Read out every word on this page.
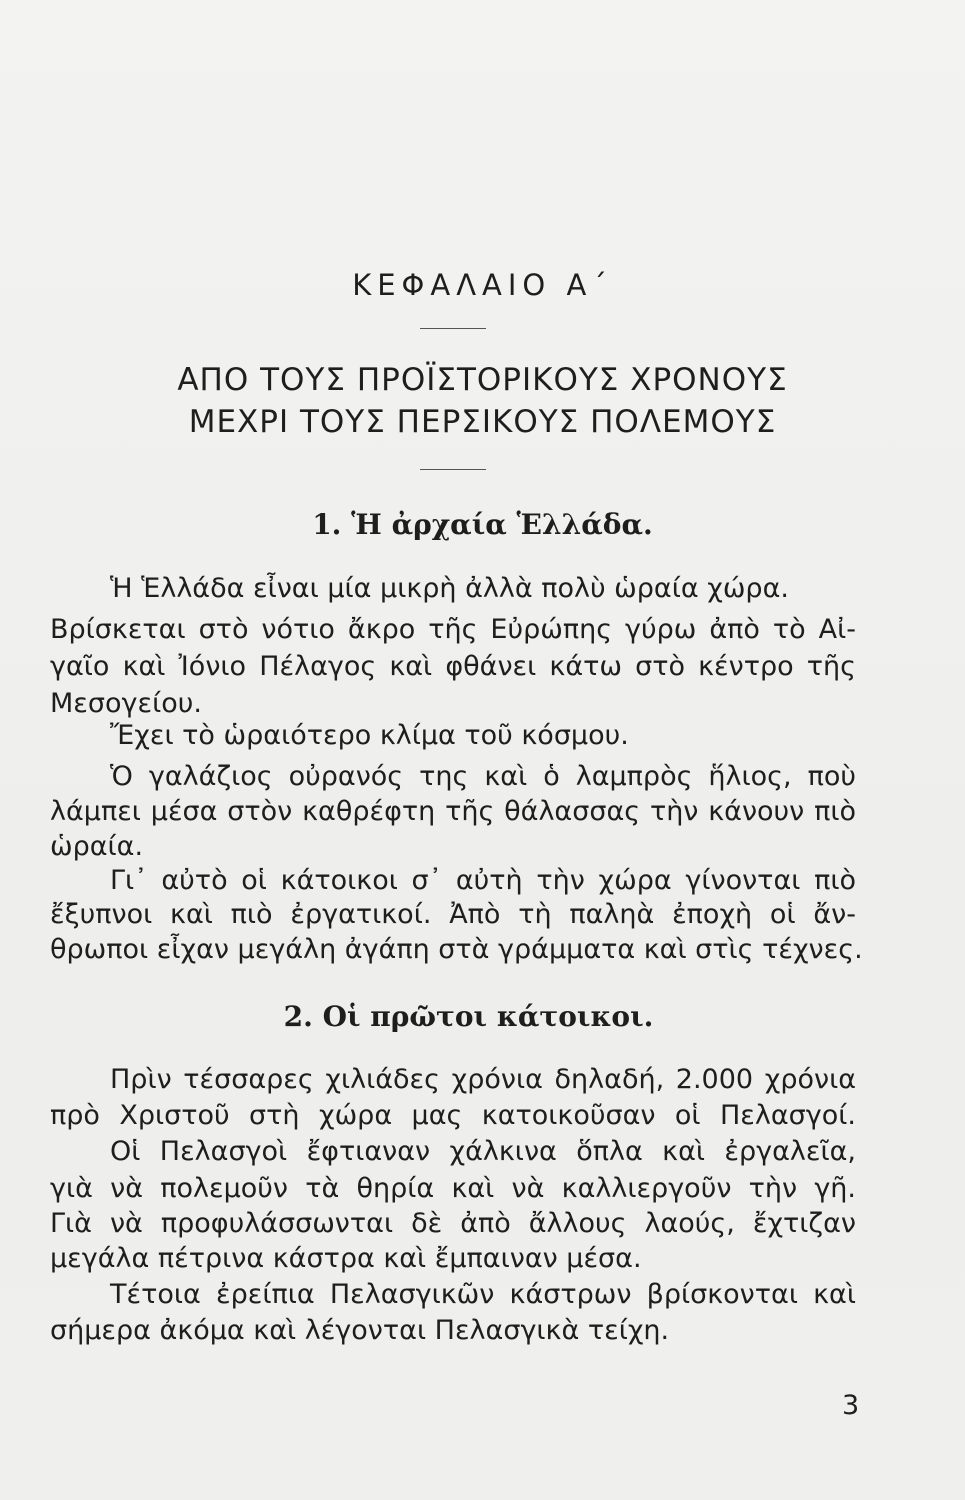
ΚΕΦΑΛΑΙΟ Α΄
ΑΠΟ ΤΟΥΣ ΠΡΟΪΣΤΟΡΙΚΟΥΣ ΧΡΟΝΟΥΣ
ΜΕΧΡΙ ΤΟΥΣ ΠΕΡΣΙΚΟΥΣ ΠΟΛΕΜΟΥΣ
1. Ἡ ἀρχαία Ἑλλάδα.
Ἡ Ἑλλάδα εἶναι μία μικρὴ ἀλλὰ πολὺ ὡραία χώρα.
Βρίσκεται στὸ νότιο ἄκρο τῆς Εὐρώπης γύρω ἀπὸ τὸ Αἰ-
γαῖο καὶ Ἰόνιο Πέλαγος καὶ φθάνει κάτω στὸ κέντρο τῆς
Μεσογείου.
Ἔχει τὸ ὡραιότερο κλίμα τοῦ κόσμου.
Ὁ γαλάζιος οὐρανός της καὶ ὁ λαμπρὸς ἥλιος, ποὺ
λάμπει μέσα στὸν καθρέφτη τῆς θάλασσας τὴν κάνουν πιὸ
ὡραία.
Γι᾽ αὐτὸ οἱ κάτοικοι σ᾽ αὐτὴ τὴν χώρα γίνονται πιὸ
ἔξυπνοι καὶ πιὸ ἐργατικοί. Ἀπὸ τὴ παληὰ ἐποχὴ οἱ ἄν-
θρωποι εἶχαν μεγάλη ἀγάπη στὰ γράμματα καὶ στὶς τέχνες.
2. Οἱ πρῶτοι κάτοικοι.
Πρὶν τέσσαρες χιλιάδες χρόνια δηλαδή, 2.000 χρόνια
πρὸ Χριστοῦ στὴ χώρα μας κατοικοῦσαν οἱ Πελασγοί.
Οἱ Πελασγοὶ ἔφτιαναν χάλκινα ὅπλα καὶ ἐργαλεῖα,
γιὰ νὰ πολεμοῦν τὰ θηρία καὶ νὰ καλλιεργοῦν τὴν γῆ.
Γιὰ νὰ προφυλάσσωνται δὲ ἀπὸ ἄλλους λαούς, ἔχτιζαν
μεγάλα πέτρινα κάστρα καὶ ἔμπαιναν μέσα.
Τέτοια ἐρείπια Πελασγικῶν κάστρων βρίσκονται καὶ
σήμερα ἀκόμα καὶ λέγονται Πελασγικὰ τείχη.
3
